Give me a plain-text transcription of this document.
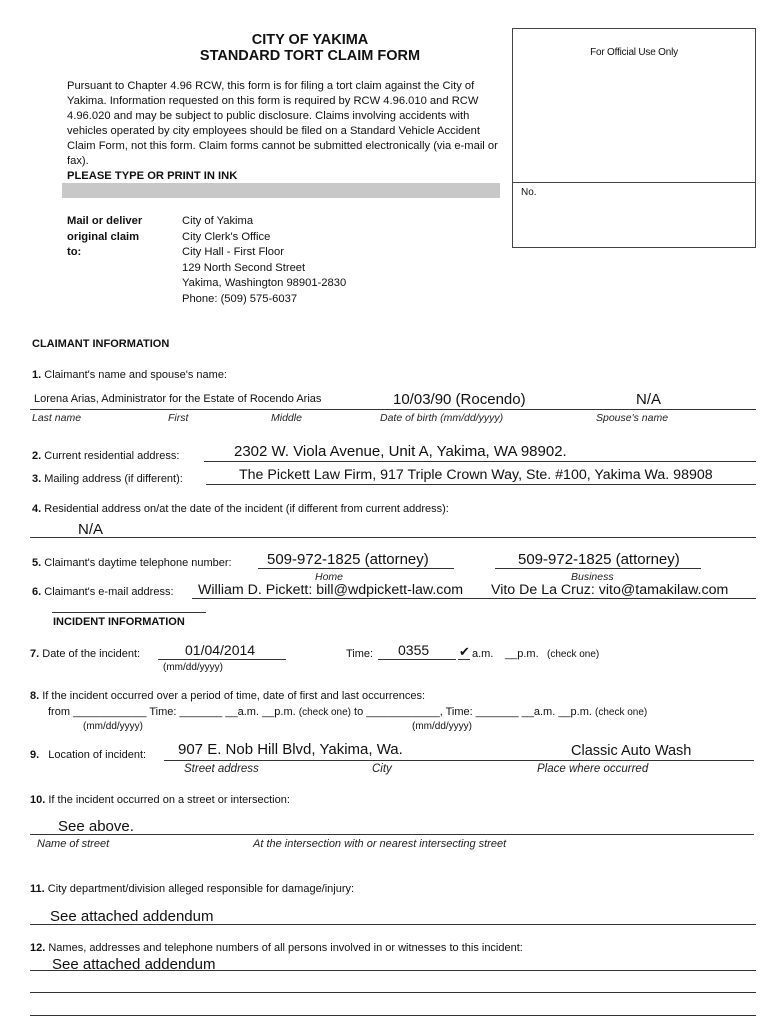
CITY OF YAKIMA
STANDARD TORT CLAIM FORM	For Official Use Only
No.
Pursuant to Chapter 4.96 RCW, this form is for filing a tort claim against the City of Yakima. Information requested on this form is required by RCW 4.96.010 and RCW 4.96.020 and may be subject to public disclosure. Claims involving accidents with vehicles operated by city employees should be filed on a Standard Vehicle Accident Claim Form, not this form. Claim forms cannot be submitted electronically (via e-mail or fax).
PLEASE TYPE OR PRINT IN INK
Mail or deliver
original claim
to:
City of Yakima
City Clerk's Office
City Hall - First Floor
129 North Second Street
Yakima, Washington 98901-2830
Phone: (509) 575-6037
CLAIMANT INFORMATION
1. Claimant's name and spouse's name:
Lorena Arias, Administrator for the Estate of Rocendo Arias	10/03/90 (Rocendo)	N/A
Last name	First	Middle	Date of birth (mm/dd/yyyy)	Spouse's name
2. Current residential address:	2302 W. Viola Avenue, Unit A, Yakima, WA 98902.
3. Mailing address (if different):	The Pickett Law Firm, 917 Triple Crown Way, Ste. #100, Yakima Wa. 98908
4. Residential address on/at the date of the incident (if different from current address):
N/A
5. Claimant's daytime telephone number: 509-972-1825 (attorney)	509-972-1825 (attorney)
Home	Business
6. Claimant's e-mail address: William D. Pickett: bill@wdpickett-law.com Vito De La Cruz: vito@tamakilaw.com
INCIDENT INFORMATION
7. Date of the incident:	01/04/2014
(mm/dd/yyyy)
Time: 0355 ✔ a.m. __p.m. (check one)
8. If the incident occurred over a period of time, date of first and last occurrences:
from ____________ Time: _______ __a.m. __p.m. (check one) to ____________, Time: _______ __a.m. __p.m. (check one)
(mm/dd/yyyy)	(mm/dd/yyyy)
9. Location of incident: 907 E. Nob Hill Blvd, Yakima, Wa.	Classic Auto Wash
Street address	City	Place where occurred
10. If the incident occurred on a street or intersection:
See above.
Name of street	At the intersection with or nearest intersecting street
11. City department/division alleged responsible for damage/injury:
See attached addendum
12. Names, addresses and telephone numbers of all persons involved in or witnesses to this incident:
See attached addendum
